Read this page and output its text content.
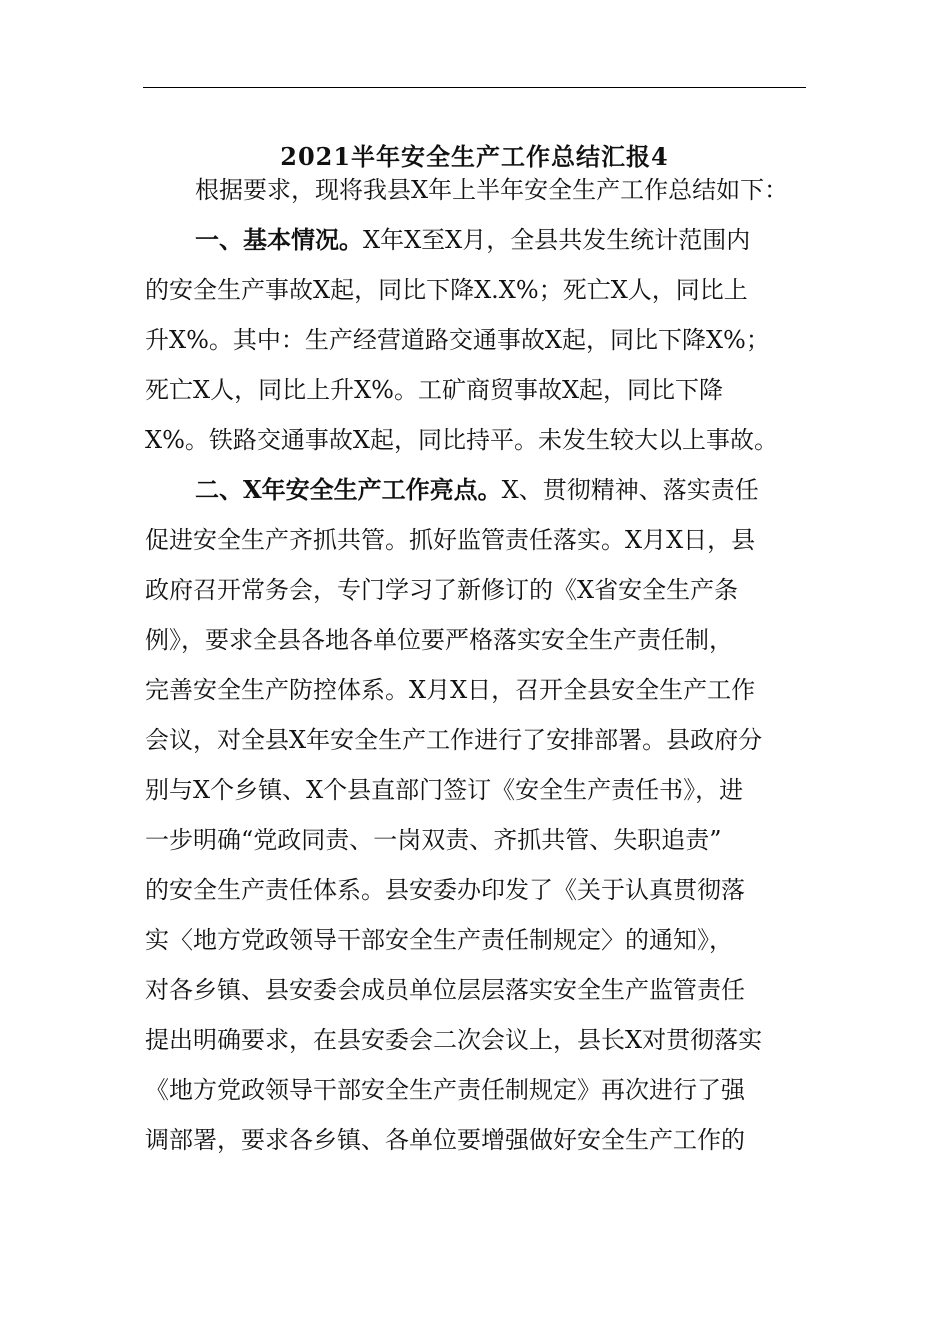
2021半年安全生产工作总结汇报4
根据要求，现将我县X年上半年安全生产工作总结如下：
一、基本情况。X年X至X月，全县共发生统计范围内
的安全生产事故X起，同比下降X.X%；死亡X人，同比上
升X%。其中：生产经营道路交通事故X起，同比下降X%；
死亡X人，同比上升X%。工矿商贸事故X起，同比下降
X%。铁路交通事故X起，同比持平。未发生较大以上事故。
二、X年安全生产工作亮点。X、贯彻精神、落实责任
促进安全生产齐抓共管。抓好监管责任落实。X月X日，县
政府召开常务会，专门学习了新修订的《X省安全生产条
例》，要求全县各地各单位要严格落实安全生产责任制，
完善安全生产防控体系。X月X日，召开全县安全生产工作
会议，对全县X年安全生产工作进行了安排部署。县政府分
别与X个乡镇、X个县直部门签订《安全生产责任书》，进
一步明确“党政同责、一岗双责、齐抓共管、失职追责”
的安全生产责任体系。县安委办印发了《关于认真贯彻落
实〈地方党政领导干部安全生产责任制规定〉的通知》，
对各乡镇、县安委会成员单位层层落实安全生产监管责任
提出明确要求，在县安委会二次会议上，县长X对贯彻落实
《地方党政领导干部安全生产责任制规定》再次进行了强
调部署，要求各乡镇、各单位要增强做好安全生产工作的
